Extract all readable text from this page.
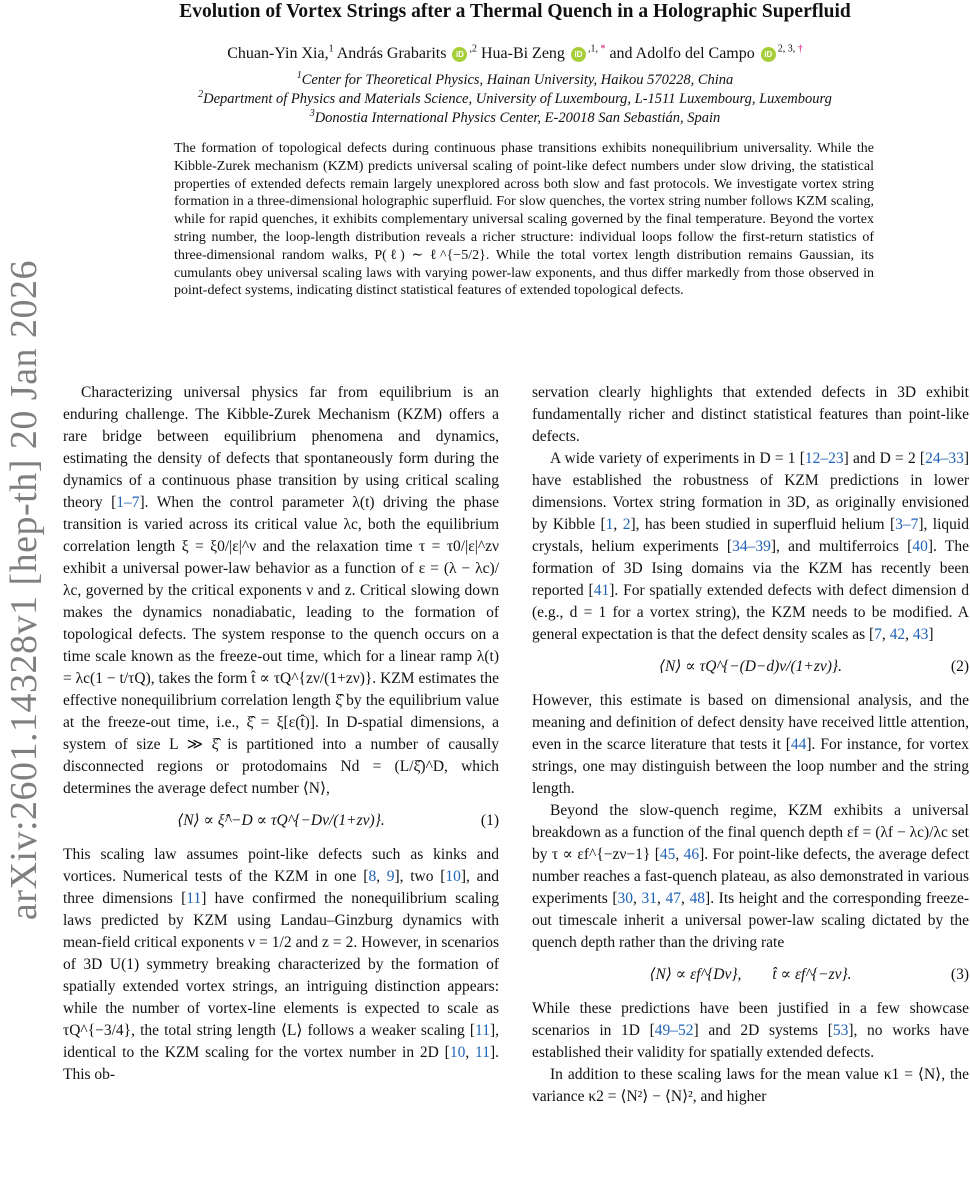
arXiv:2601.14328v1 [hep-th] 20 Jan 2026
Evolution of Vortex Strings after a Thermal Quench in a Holographic Superfluid
Chuan-Yin Xia,$^1$ András Grabarits iD $^{,2}$ Hua-Bi Zeng iD $^{,1, *}$ and Adolfo del Campo iD $^{2, 3, \dagger}$
$^1$Center for Theoretical Physics, Hainan University, Haikou 570228, China
$^2$Department of Physics and Materials Science, University of Luxembourg, L-1511 Luxembourg, Luxembourg
$^3$Donostia International Physics Center, E-20018 San Sebastián, Spain
The formation of topological defects during continuous phase transitions exhibits nonequilibrium universality. While the Kibble-Zurek mechanism (KZM) predicts universal scaling of point-like defect numbers under slow driving, the statistical properties of extended defects remain largely unexplored across both slow and fast protocols. We investigate vortex string formation in a three-dimensional holographic superfluid. For slow quenches, the vortex string number follows KZM scaling, while for rapid quenches, it exhibits complementary universal scaling governed by the final temperature. Beyond the vortex string number, the loop-length distribution reveals a richer structure: individual loops follow the first-return statistics of three-dimensional random walks, P(ℓ) ∼ ℓ^{−5/2}. While the total vortex length distribution remains Gaussian, its cumulants obey universal scaling laws with varying power-law exponents, and thus differ markedly from those observed in point-defect systems, indicating distinct statistical features of extended topological defects.

Characterizing universal physics far from equilibrium is an enduring challenge. The Kibble-Zurek Mechanism (KZM) offers a rare bridge between equilibrium phenomena and dynamics, estimating the density of defects that spontaneously form during the dynamics of a continuous phase transition by using critical scaling theory [1–7]. When the control parameter λ(t) driving the phase transition is varied across its critical value λc, both the equilibrium correlation length ξ = ξ0/|ε|^ν and the relaxation time τ = τ0/|ε|^zν exhibit a universal power-law behavior as a function of ε = (λ − λc)/λc, governed by the critical exponents ν and z. Critical slowing down makes the dynamics nonadiabatic, leading to the formation of topological defects. The system response to the quench occurs on a time scale known as the freeze-out time, which for a linear ramp λ(t) = λc(1 − t/τQ), takes the form t̂ ∝ τQ^{zν/(1+zν)}. KZM estimates the effective nonequilibrium correlation length ξ̂ by the equilibrium value at the freeze-out time, i.e., ξ̂ = ξ[ε(t̂)]. In D-spatial dimensions, a system of size L ≫ ξ̂ is partitioned into a number of causally disconnected regions or protodomains Nd = (L/ξ̂)^D, which determines the average defect number ⟨N⟩,

⟨N⟩ ∝ ξ̂^−D ∝ τQ^{−Dν/(1+zν)}.	(1)

This scaling law assumes point-like defects such as kinks and vortices. Numerical tests of the KZM in one [8, 9], two [10], and three dimensions [11] have confirmed the nonequilibrium scaling laws predicted by KZM using Landau–Ginzburg dynamics with mean-field critical exponents ν = 1/2 and z = 2. However, in scenarios of 3D U(1) symmetry breaking characterized by the formation of spatially extended vortex strings, an intriguing distinction appears: while the number of vortex-line elements is expected to scale as τQ^{−3/4}, the total string length ⟨L⟩ follows a weaker scaling [11], identical to the KZM scaling for the vortex number in 2D [10, 11]. This ob-

servation clearly highlights that extended defects in 3D exhibit fundamentally richer and distinct statistical features than point-like defects.

A wide variety of experiments in D = 1 [12–23] and D = 2 [24–33] have established the robustness of KZM predictions in lower dimensions. Vortex string formation in 3D, as originally envisioned by Kibble [1, 2], has been studied in superfluid helium [3–7], liquid crystals, helium experiments [34–39], and multiferroics [40]. The formation of 3D Ising domains via the KZM has recently been reported [41]. For spatially extended defects with defect dimension d (e.g., d = 1 for a vortex string), the KZM needs to be modified. A general expectation is that the defect density scales as [7, 42, 43]

⟨N⟩ ∝ τQ^{−(D−d)ν/(1+zν)}.	(2)

However, this estimate is based on dimensional analysis, and the meaning and definition of defect density have received little attention, even in the scarce literature that tests it [44]. For instance, for vortex strings, one may distinguish between the loop number and the string length.

Beyond the slow-quench regime, KZM exhibits a universal breakdown as a function of the final quench depth εf = (λf − λc)/λc set by τ ∝ εf^{−zν−1} [45, 46]. For point-like defects, the average defect number reaches a fast-quench plateau, as also demonstrated in various experiments [30, 31, 47, 48]. Its height and the corresponding freeze-out timescale inherit a universal power-law scaling dictated by the quench depth rather than the driving rate

⟨N⟩ ∝ εf^{Dν},        t̂ ∝ εf^{−zν}.	(3)

While these predictions have been justified in a few showcase scenarios in 1D [49–52] and 2D systems [53], no works have established their validity for spatially extended defects.

In addition to these scaling laws for the mean value κ1 = ⟨N⟩, the variance κ2 = ⟨N²⟩ − ⟨N⟩², and higher
